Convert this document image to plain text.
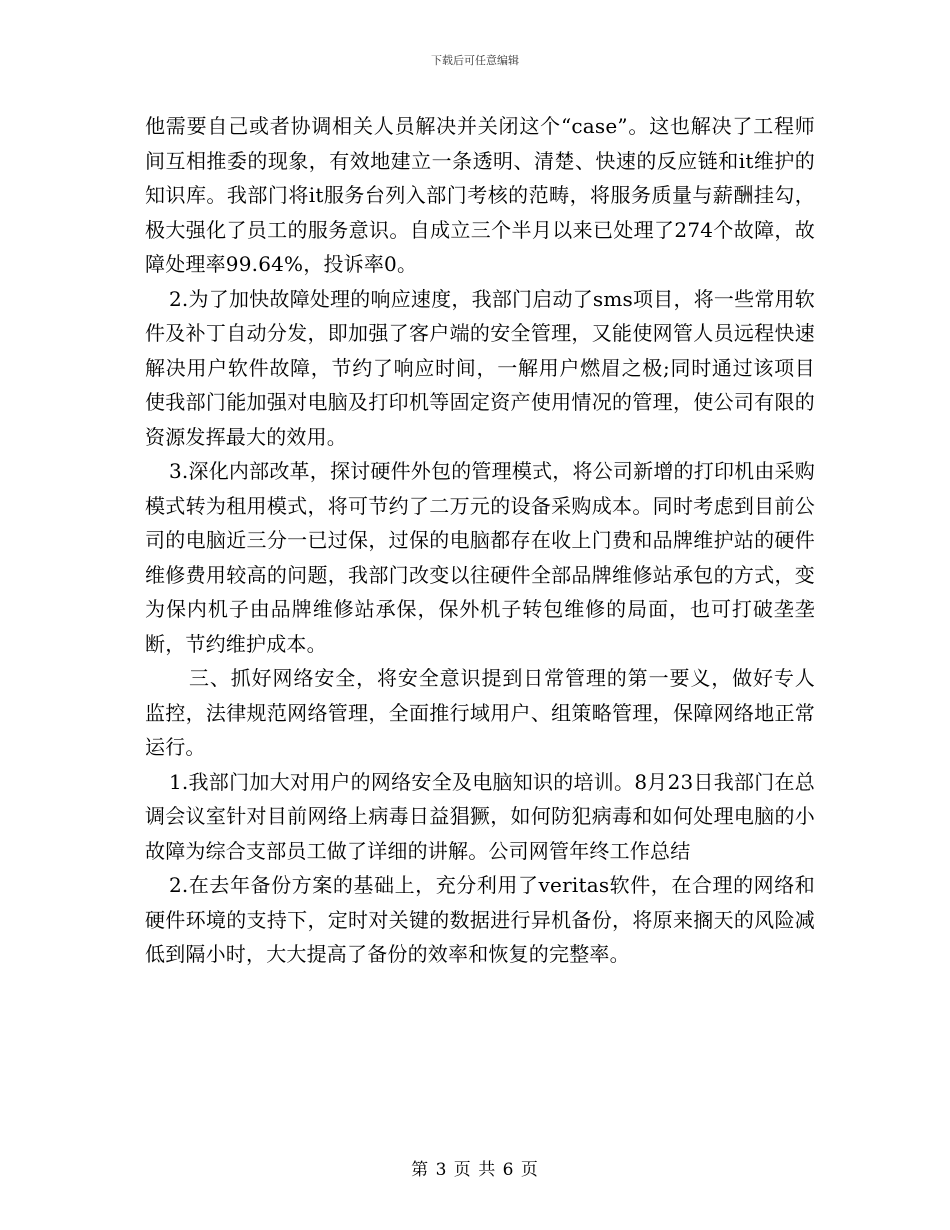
下载后可任意编辑

他需要自己或者协调相关人员解决并关闭这个“case”。这也解决了工程师间互相推委的现象，有效地建立一条透明、清楚、快速的反应链和it维护的知识库。我部门将it服务台列入部门考核的范畴，将服务质量与薪酬挂勾，极大强化了员工的服务意识。自成立三个半月以来已处理了274个故障，故障处理率99.64%，投诉率0。

2.为了加快故障处理的响应速度，我部门启动了sms项目，将一些常用软件及补丁自动分发，即加强了客户端的安全管理，又能使网管人员远程快速解决用户软件故障，节约了响应时间，一解用户燃眉之极;同时通过该项目使我部门能加强对电脑及打印机等固定资产使用情况的管理，使公司有限的资源发挥最大的效用。

3.深化内部改革，探讨硬件外包的管理模式，将公司新增的打印机由采购模式转为租用模式，将可节约了二万元的设备采购成本。同时考虑到目前公司的电脑近三分一已过保，过保的电脑都存在收上门费和品牌维护站的硬件维修费用较高的问题，我部门改变以往硬件全部品牌维修站承包的方式，变为保内机子由品牌维修站承保，保外机子转包维修的局面，也可打破垄垄断，节约维护成本。

三、抓好网络安全，将安全意识提到日常管理的第一要义，做好专人监控，法律规范网络管理，全面推行域用户、组策略管理，保障网络地正常运行。

1.我部门加大对用户的网络安全及电脑知识的培训。8月23日我部门在总调会议室针对目前网络上病毒日益猖獗，如何防犯病毒和如何处理电脑的小故障为综合支部员工做了详细的讲解。公司网管年终工作总结

2.在去年备份方案的基础上，充分利用了veritas软件，在合理的网络和硬件环境的支持下，定时对关键的数据进行异机备份，将原来搁天的风险减低到隔小时，大大提高了备份的效率和恢复的完整率。

第 3 页 共 6 页
